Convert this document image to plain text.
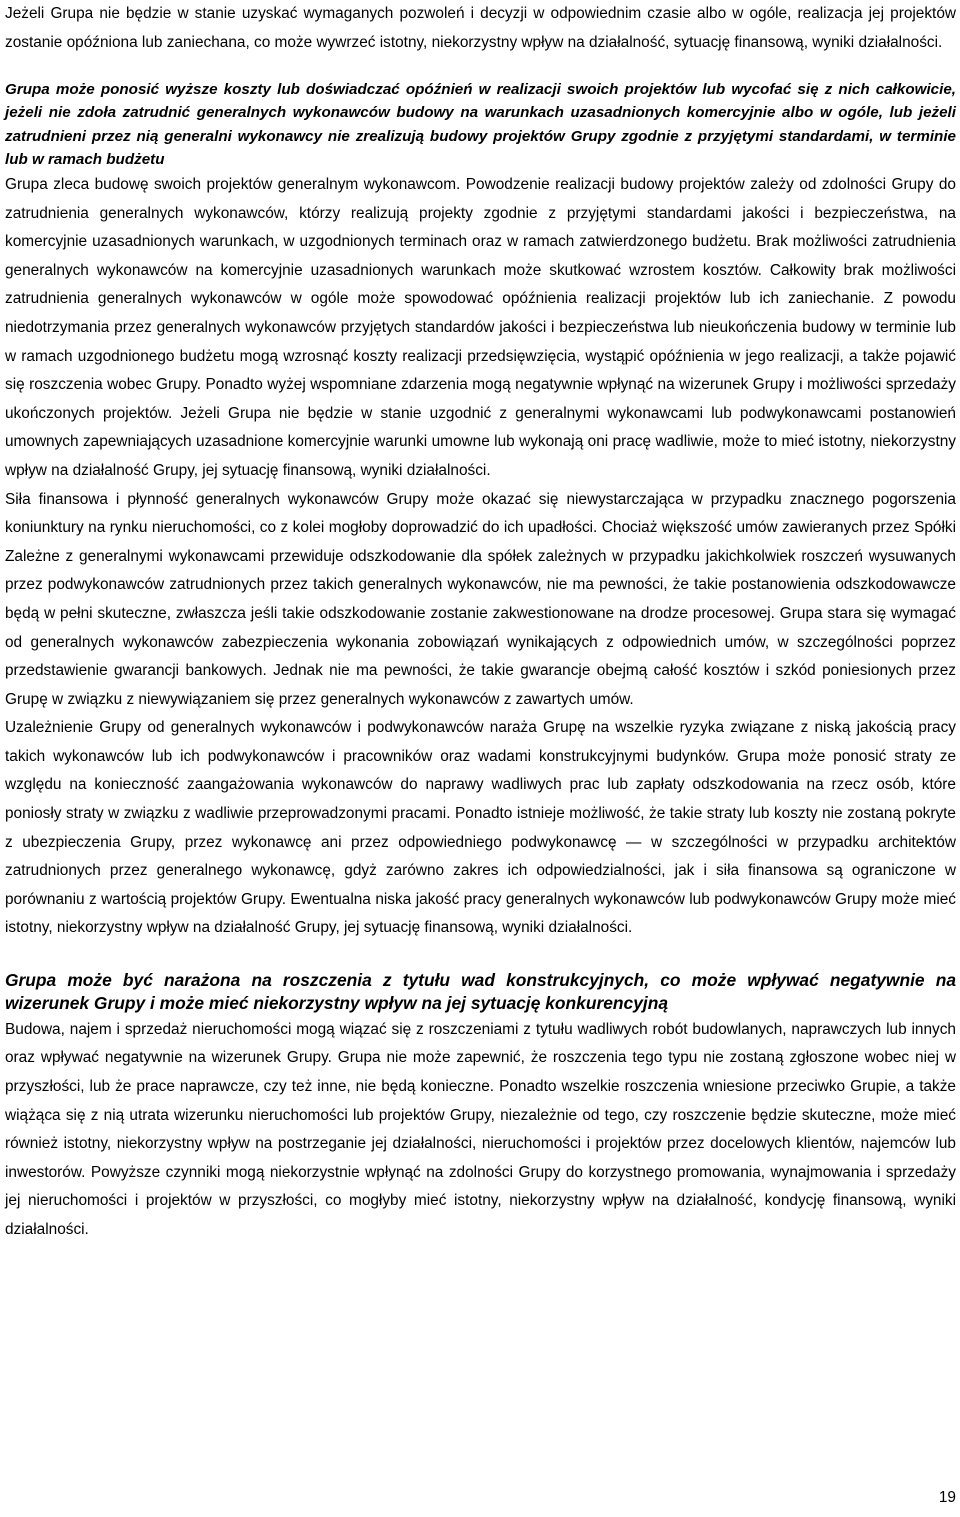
Jeżeli Grupa nie będzie w stanie uzyskać wymaganych pozwoleń i decyzji w odpowiednim czasie albo w ogóle, realizacja jej projektów zostanie opóźniona lub zaniechana, co może wywrzeć istotny, niekorzystny wpływ na działalność, sytuację finansową, wyniki działalności.

Grupa może ponosić wyższe koszty lub doświadczać opóźnień w realizacji swoich projektów lub wycofać się z nich całkowicie, jeżeli nie zdoła zatrudnić generalnych wykonawców budowy na warunkach uzasadnionych komercyjnie albo w ogóle, lub jeżeli zatrudnieni przez nią generalni wykonawcy nie zrealizują budowy projektów Grupy zgodnie z przyjętymi standardami, w terminie lub w ramach budżetu

Grupa zleca budowę swoich projektów generalnym wykonawcom. Powodzenie realizacji budowy projektów zależy od zdolności Grupy do zatrudnienia generalnych wykonawców, którzy realizują projekty zgodnie z przyjętymi standardami jakości i bezpieczeństwa, na komercyjnie uzasadnionych warunkach, w uzgodnionych terminach oraz w ramach zatwierdzonego budżetu. Brak możliwości zatrudnienia generalnych wykonawców na komercyjnie uzasadnionych warunkach może skutkować wzrostem kosztów. Całkowity brak możliwości zatrudnienia generalnych wykonawców w ogóle może spowodować opóźnienia realizacji projektów lub ich zaniechanie. Z powodu niedotrzymania przez generalnych wykonawców przyjętych standardów jakości i bezpieczeństwa lub nieukończenia budowy w terminie lub w ramach uzgodnionego budżetu mogą wzrosnąć koszty realizacji przedsięwzięcia, wystąpić opóźnienia w jego realizacji, a także pojawić się roszczenia wobec Grupy. Ponadto wyżej wspomniane zdarzenia mogą negatywnie wpłynąć na wizerunek Grupy i możliwości sprzedaży ukończonych projektów. Jeżeli Grupa nie będzie w stanie uzgodnić z generalnymi wykonawcami lub podwykonawcami postanowień umownych zapewniających uzasadnione komercyjnie warunki umowne lub wykonają oni pracę wadliwie, może to mieć istotny, niekorzystny wpływ na działalność Grupy, jej sytuację finansową, wyniki działalności.

Siła finansowa i płynność generalnych wykonawców Grupy może okazać się niewystarczająca w przypadku znacznego pogorszenia koniunktury na rynku nieruchomości, co z kolei mogłoby doprowadzić do ich upadłości. Chociaż większość umów zawieranych przez Spółki Zależne z generalnymi wykonawcami przewiduje odszkodowanie dla spółek zależnych w przypadku jakichkolwiek roszczeń wysuwanych przez podwykonawców zatrudnionych przez takich generalnych wykonawców, nie ma pewności, że takie postanowienia odszkodowawcze będą w pełni skuteczne, zwłaszcza jeśli takie odszkodowanie zostanie zakwestionowane na drodze procesowej. Grupa stara się wymagać od generalnych wykonawców zabezpieczenia wykonania zobowiązań wynikających z odpowiednich umów, w szczególności poprzez przedstawienie gwarancji bankowych. Jednak nie ma pewności, że takie gwarancje obejmą całość kosztów i szkód poniesionych przez Grupę w związku z niewywiązaniem się przez generalnych wykonawców z zawartych umów.

Uzależnienie Grupy od generalnych wykonawców i podwykonawców naraża Grupę na wszelkie ryzyka związane z niską jakością pracy takich wykonawców lub ich podwykonawców i pracowników oraz wadami konstrukcyjnymi budynków. Grupa może ponosić straty ze względu na konieczność zaangażowania wykonawców do naprawy wadliwych prac lub zapłaty odszkodowania na rzecz osób, które poniosły straty w związku z wadliwie przeprowadzonymi pracami. Ponadto istnieje możliwość, że takie straty lub koszty nie zostaną pokryte z ubezpieczenia Grupy, przez wykonawcę ani przez odpowiedniego podwykonawcę — w szczególności w przypadku architektów zatrudnionych przez generalnego wykonawcę, gdyż zarówno zakres ich odpowiedzialności, jak i siła finansowa są ograniczone w porównaniu z wartością projektów Grupy. Ewentualna niska jakość pracy generalnych wykonawców lub podwykonawców Grupy może mieć istotny, niekorzystny wpływ na działalność Grupy, jej sytuację finansową, wyniki działalności.

Grupa może być narażona na roszczenia z tytułu wad konstrukcyjnych, co może wpływać negatywnie na wizerunek Grupy i może mieć niekorzystny wpływ na jej sytuację konkurencyjną

Budowa, najem i sprzedaż nieruchomości mogą wiązać się z roszczeniami z tytułu wadliwych robót budowlanych, naprawczych lub innych oraz wpływać negatywnie na wizerunek Grupy. Grupa nie może zapewnić, że roszczenia tego typu nie zostaną zgłoszone wobec niej w przyszłości, lub że prace naprawcze, czy też inne, nie będą konieczne. Ponadto wszelkie roszczenia wniesione przeciwko Grupie, a także wiążąca się z nią utrata wizerunku nieruchomości lub projektów Grupy, niezależnie od tego, czy roszczenie będzie skuteczne, może mieć również istotny, niekorzystny wpływ na postrzeganie jej działalności, nieruchomości i projektów przez docelowych klientów, najemców lub inwestorów. Powyższe czynniki mogą niekorzystnie wpłynąć na zdolności Grupy do korzystnego promowania, wynajmowania i sprzedaży jej nieruchomości i projektów w przyszłości, co mogłyby mieć istotny, niekorzystny wpływ na działalność, kondycję finansową, wyniki działalności.

19
